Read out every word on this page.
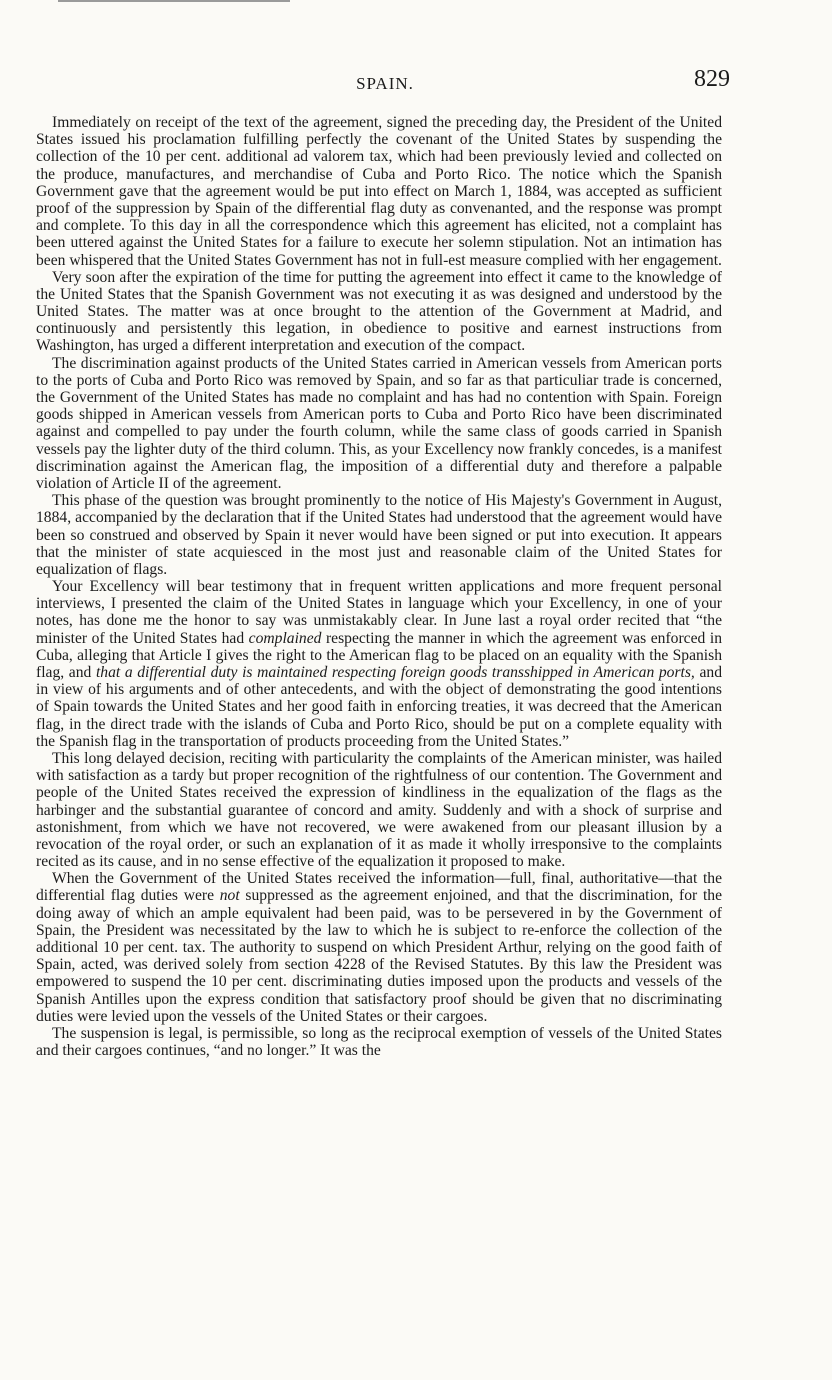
SPAIN.	829

Immediately on receipt of the text of the agreement, signed the preceding day, the President of the United States issued his proclamation fulfilling perfectly the covenant of the United States by suspending the collection of the 10 per cent. additional ad valorem tax, which had been previously levied and collected on the produce, manufactures, and merchandise of Cuba and Porto Rico. The notice which the Spanish Government gave that the agreement would be put into effect on March 1, 1884, was accepted as sufficient proof of the suppression by Spain of the differential flag duty as convenanted, and the response was prompt and complete. To this day in all the correspondence which this agreement has elicited, not a complaint has been uttered against the United States for a failure to execute her solemn stipulation. Not an intimation has been whispered that the United States Government has not in full-est measure complied with her engagement.

Very soon after the expiration of the time for putting the agreement into effect it came to the knowledge of the United States that the Spanish Government was not executing it as was designed and understood by the United States. The matter was at once brought to the attention of the Government at Madrid, and continuously and persistently this legation, in obedience to positive and earnest instructions from Washington, has urged a different interpretation and execution of the compact.

The discrimination against products of the United States carried in American vessels from American ports to the ports of Cuba and Porto Rico was removed by Spain, and so far as that particuliar trade is concerned, the Government of the United States has made no complaint and has had no contention with Spain. Foreign goods shipped in American vessels from American ports to Cuba and Porto Rico have been discriminated against and compelled to pay under the fourth column, while the same class of goods carried in Spanish vessels pay the lighter duty of the third column. This, as your Excellency now frankly concedes, is a manifest discrimination against the American flag, the imposition of a differential duty and therefore a palpable violation of Article II of the agreement.

This phase of the question was brought prominently to the notice of His Majesty's Government in August, 1884, accompanied by the declaration that if the United States had understood that the agreement would have been so construed and observed by Spain it never would have been signed or put into execution. It appears that the minister of state acquiesced in the most just and reasonable claim of the United States for equalization of flags.

Your Excellency will bear testimony that in frequent written applications and more frequent personal interviews, I presented the claim of the United States in language which your Excellency, in one of your notes, has done me the honor to say was unmistakably clear. In June last a royal order recited that “the minister of the United States had complained respecting the manner in which the agreement was enforced in Cuba, alleging that Article I gives the right to the American flag to be placed on an equality with the Spanish flag, and that a differential duty is maintained respecting foreign goods transshipped in American ports, and in view of his arguments and of other antecedents, and with the object of demonstrating the good intentions of Spain towards the United States and her good faith in enforcing treaties, it was decreed that the American flag, in the direct trade with the islands of Cuba and Porto Rico, should be put on a complete equality with the Spanish flag in the transportation of products proceeding from the United States.”

This long delayed decision, reciting with particularity the complaints of the American minister, was hailed with satisfaction as a tardy but proper recognition of the rightfulness of our contention. The Government and people of the United States received the expression of kindliness in the equalization of the flags as the harbinger and the substantial guarantee of concord and amity. Suddenly and with a shock of surprise and astonishment, from which we have not recovered, we were awakened from our pleasant illusion by a revocation of the royal order, or such an explanation of it as made it wholly irresponsive to the complaints recited as its cause, and in no sense effective of the equalization it proposed to make.

When the Government of the United States received the information—full, final, authoritative—that the differential flag duties were not suppressed as the agreement enjoined, and that the discrimination, for the doing away of which an ample equivalent had been paid, was to be persevered in by the Government of Spain, the President was necessitated by the law to which he is subject to re-enforce the collection of the additional 10 per cent. tax. The authority to suspend on which President Arthur, relying on the good faith of Spain, acted, was derived solely from section 4228 of the Revised Statutes. By this law the President was empowered to suspend the 10 per cent. discriminating duties imposed upon the products and vessels of the Spanish Antilles upon the express condition that satisfactory proof should be given that no discriminating duties were levied upon the vessels of the United States or their cargoes.

The suspension is legal, is permissible, so long as the reciprocal exemption of vessels of the United States and their cargoes continues, “and no longer.” It was the
